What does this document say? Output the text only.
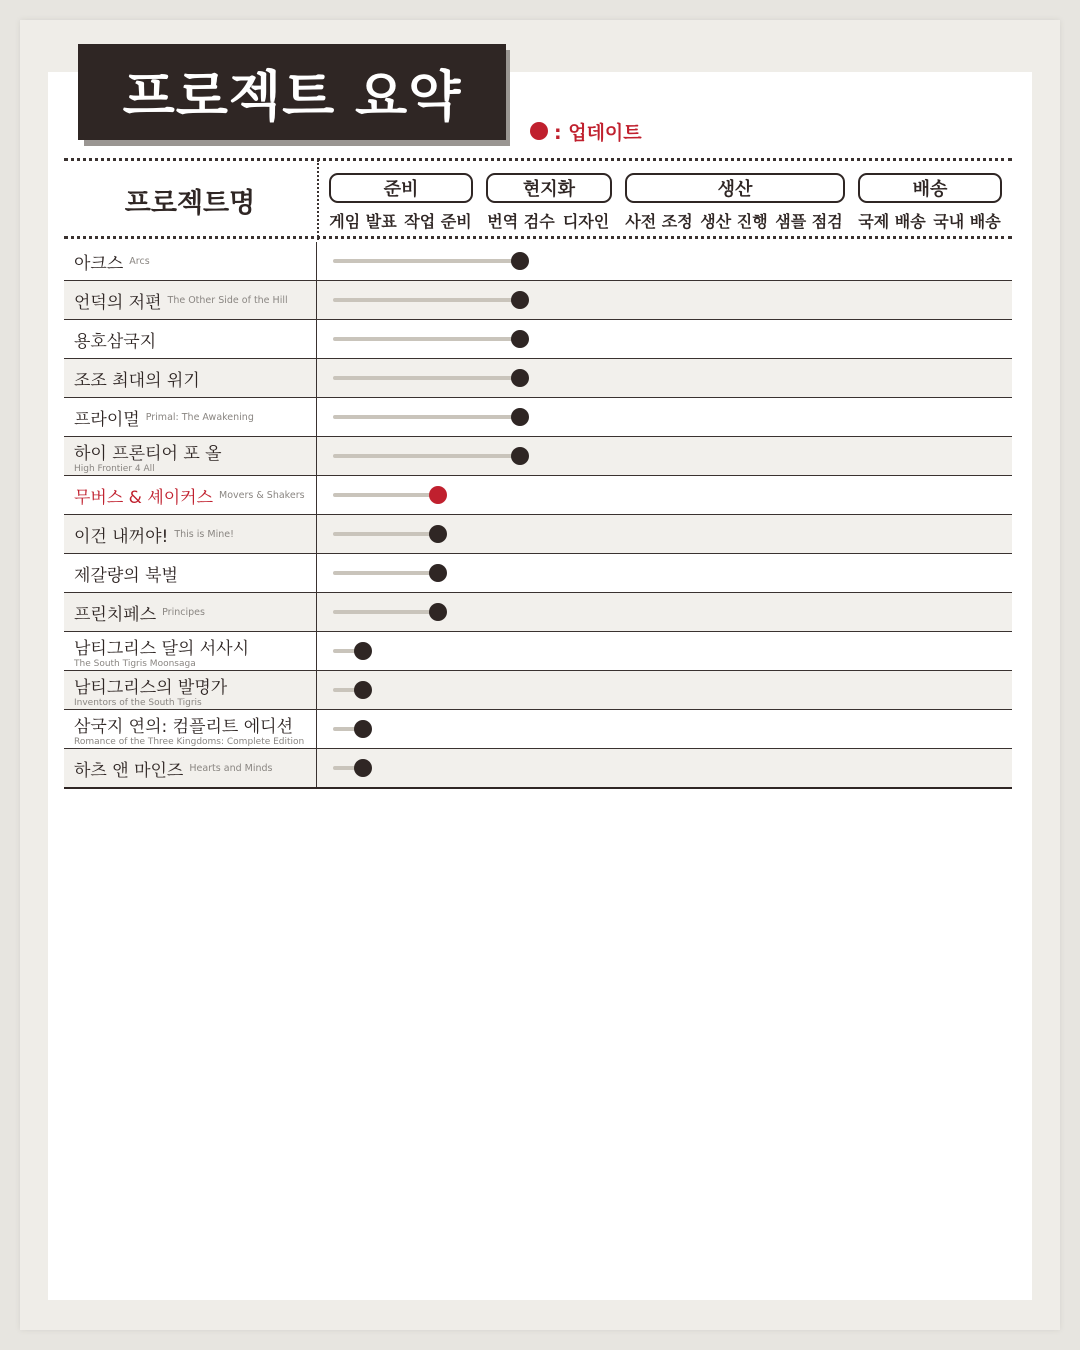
프로젝트 요약
: 업데이트
프로젝트명	준비	현지화	생산	배송
게임 발표 작업 준비 번역 검수 디자인 사전 조정 생산 진행 샘플 점검 국제 배송 국내 배송
아크스 Arcs
언덕의 저편 The Other Side of the Hill
용호삼국지
조조 최대의 위기
프라이멀 Primal: The Awakening
하이 프론티어 포 올
High Frontier 4 All
무버스 & 셰이커스 Movers & Shakers
이건 내꺼야! This is Mine!
제갈량의 북벌
프린치페스 Principes
남티그리스 달의 서사시
The South Tigris Moonsaga
남티그리스의 발명가
Inventors of the South Tigris
삼국지 연의: 컴플리트 에디션
Romance of the Three Kingdoms: Complete Edition
하츠 앤 마인즈 Hearts and Minds
